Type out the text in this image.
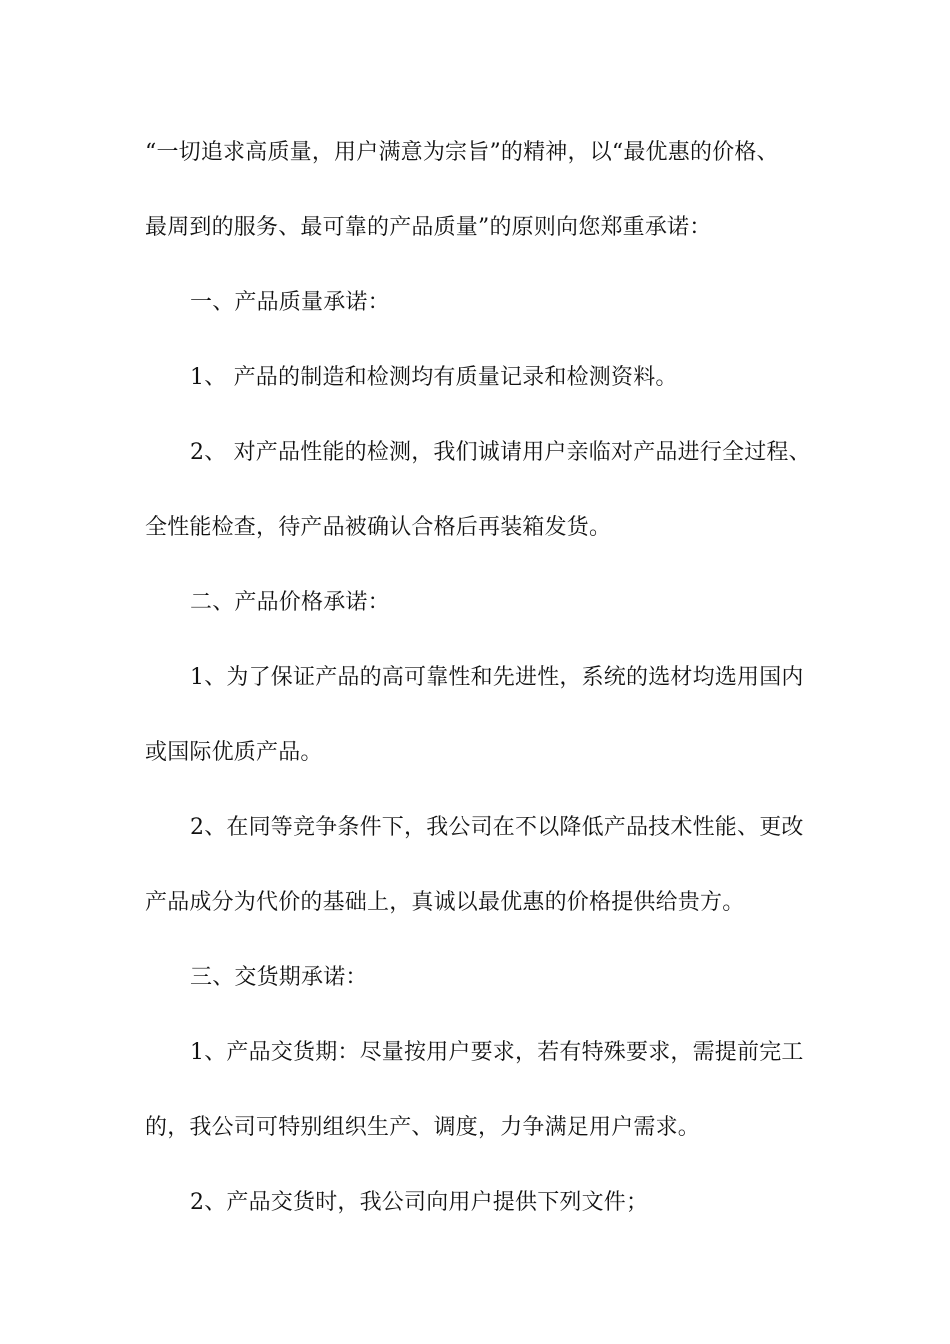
“一切追求高质量，用户满意为宗旨”的精神，以“最优惠的价格、
最周到的服务、最可靠的产品质量”的原则向您郑重承诺：
一、产品质量承诺：
1、 产品的制造和检测均有质量记录和检测资料。
2、 对产品性能的检测，我们诚请用户亲临对产品进行全过程、
全性能检查，待产品被确认合格后再装箱发货。
二、产品价格承诺：
1、为了保证产品的高可靠性和先进性，系统的选材均选用国内
或国际优质产品。
2、在同等竞争条件下，我公司在不以降低产品技术性能、更改
产品成分为代价的基础上，真诚以最优惠的价格提供给贵方。
三、交货期承诺：
1、产品交货期：尽量按用户要求，若有特殊要求，需提前完工
的，我公司可特别组织生产、调度，力争满足用户需求。
2、产品交货时，我公司向用户提供下列文件；
